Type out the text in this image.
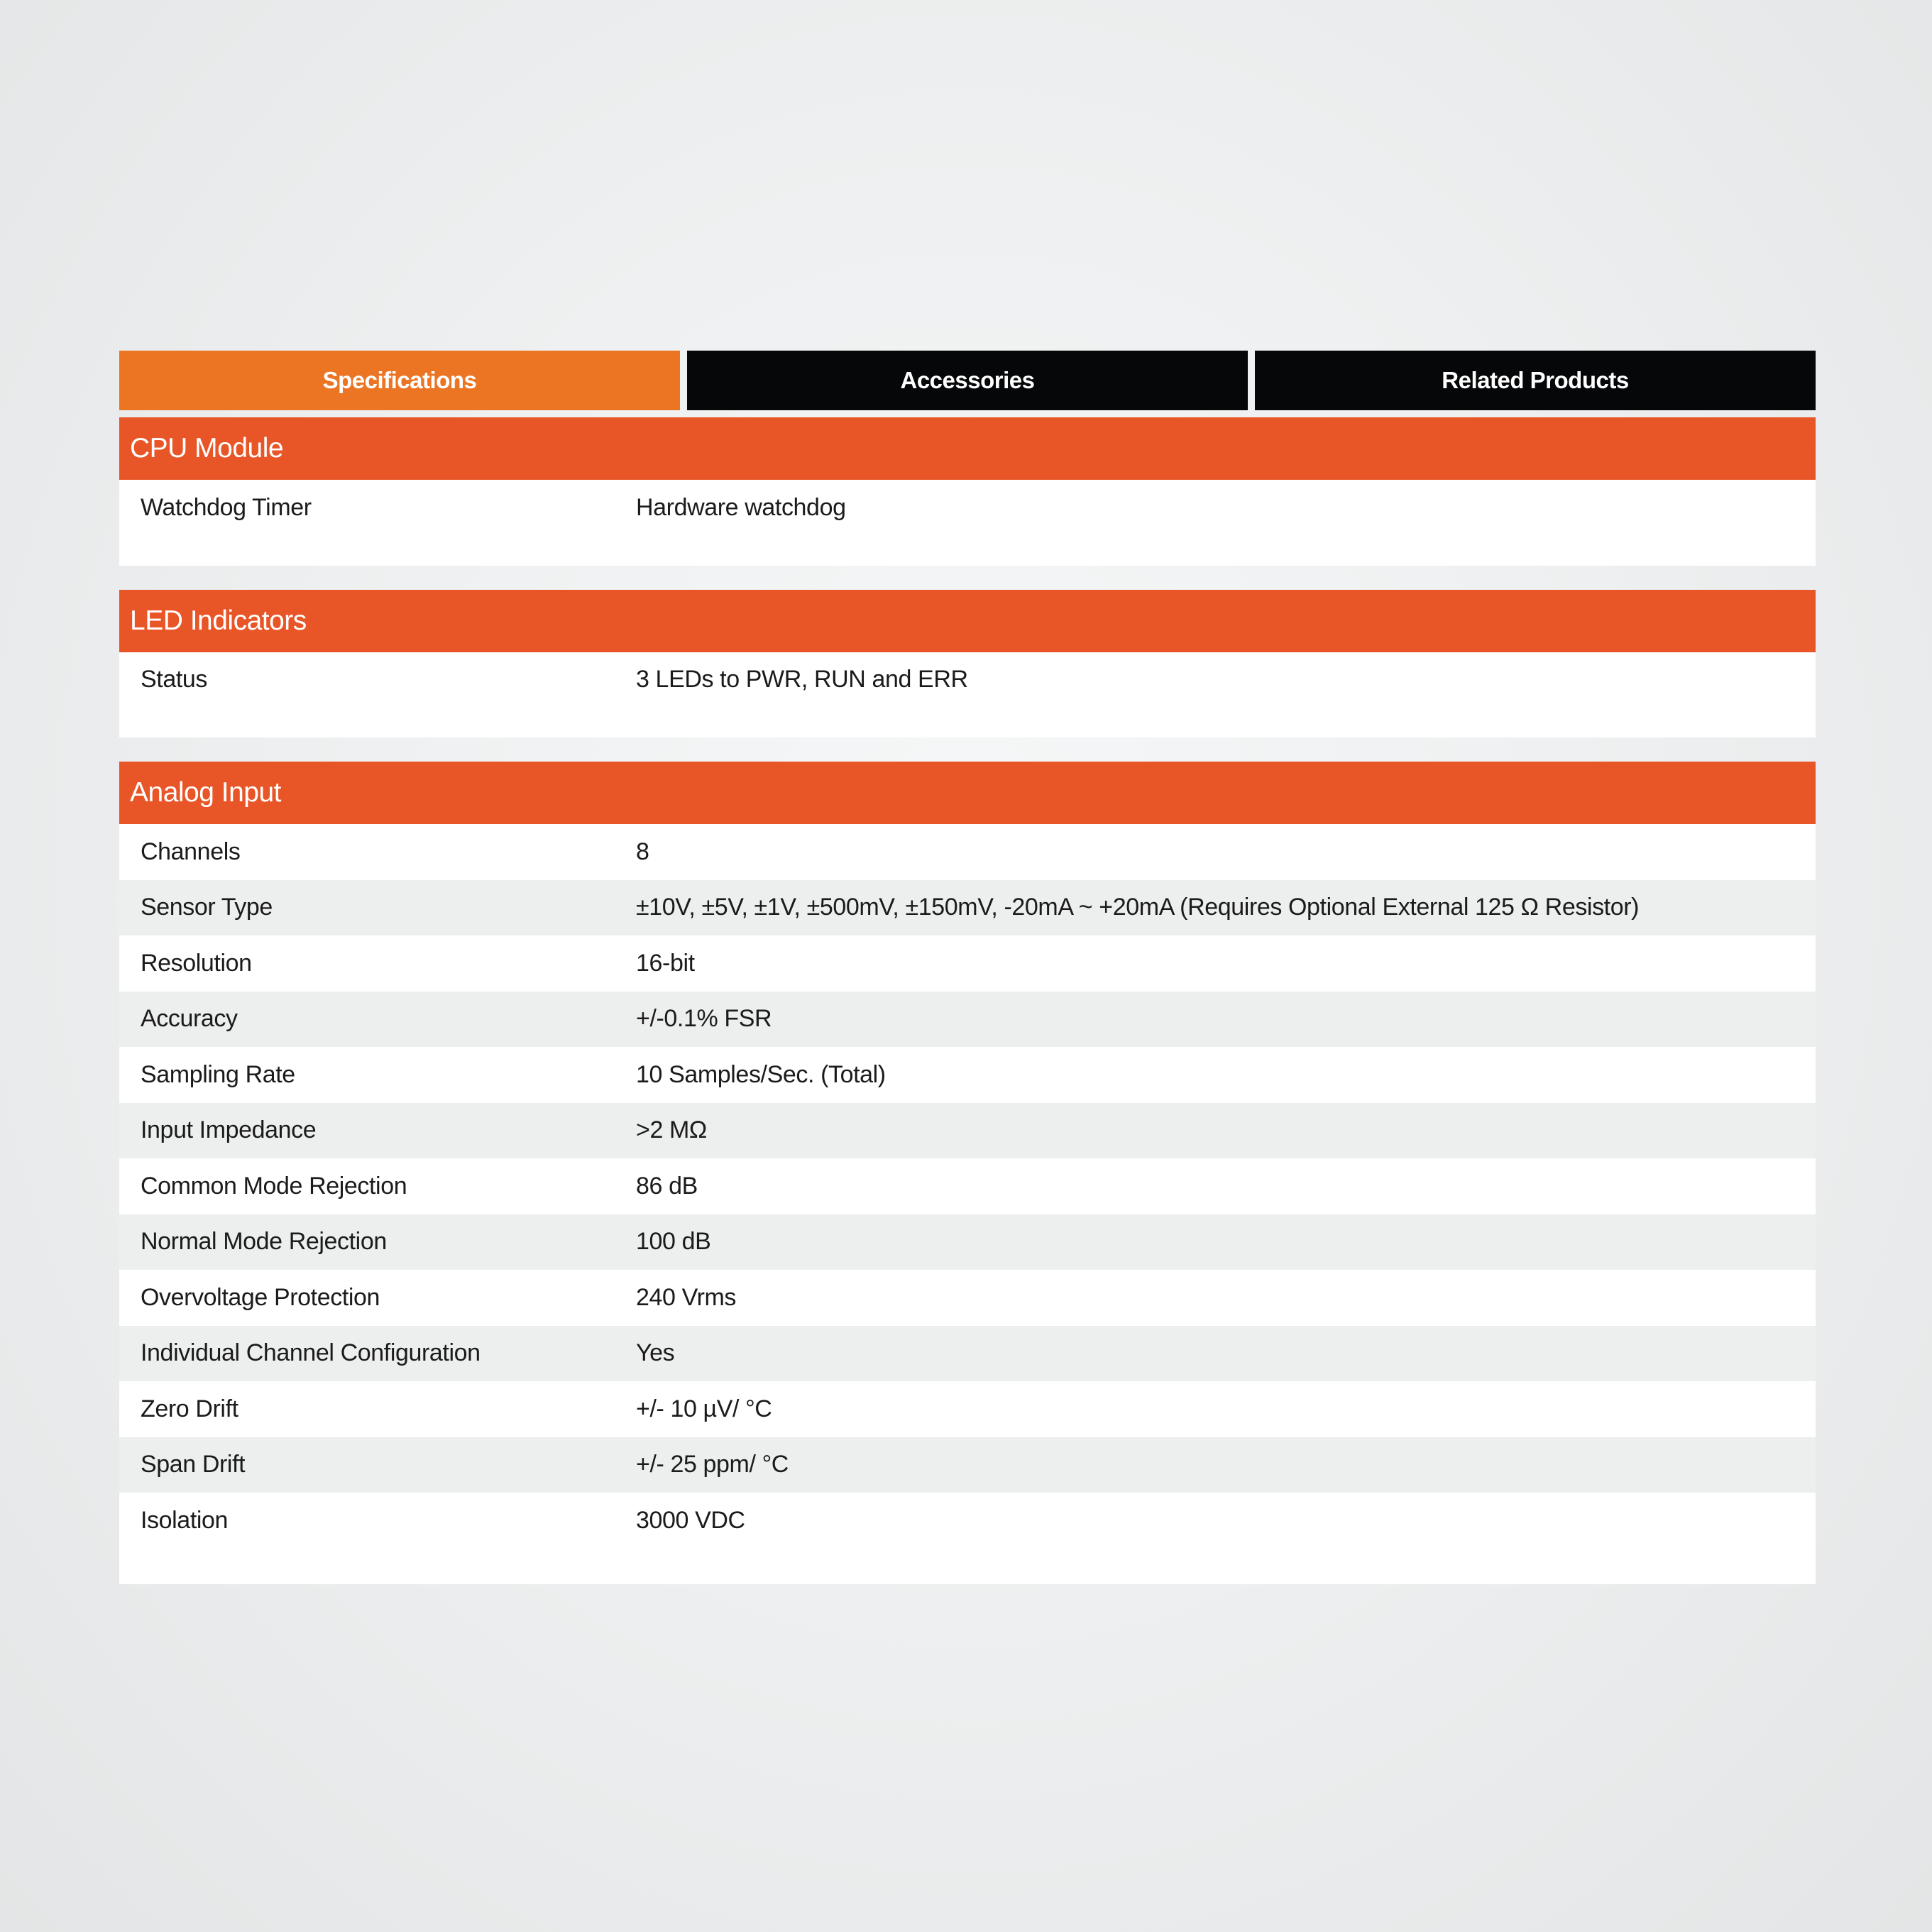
Specifications	Accessories	Related Products
CPU Module
Watchdog Timer	Hardware watchdog
LED Indicators
Status	3 LEDs to PWR, RUN and ERR
Analog Input
Channels	8
Sensor Type	±10V, ±5V, ±1V, ±500mV, ±150mV, -20mA ~ +20mA (Requires Optional External 125 Ω Resistor)
Resolution	16-bit
Accuracy	+/-0.1% FSR
Sampling Rate	10 Samples/Sec. (Total)
Input Impedance	>2 MΩ
Common Mode Rejection	86 dB
Normal Mode Rejection	100 dB
Overvoltage Protection	240 Vrms
Individual Channel Configuration	Yes
Zero Drift	+/- 10 µV/ °C
Span Drift	+/- 25 ppm/ °C
Isolation	3000 VDC
